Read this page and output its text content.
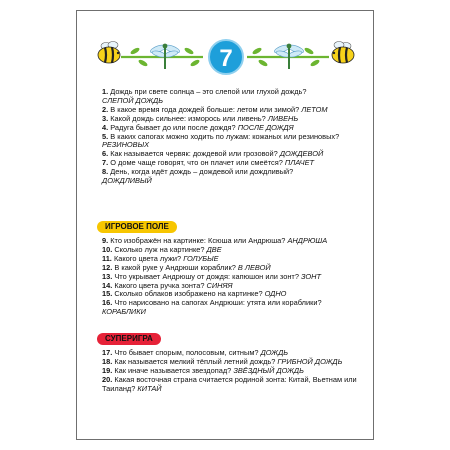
7
1. Дождь при свете солнца – это слепой или глухой дождь?
СЛЕПОЙ ДОЖДЬ
2. В какое время года дождей больше: летом или зимой? ЛЕТОМ
3. Какой дождь сильнее: изморось или ливень? ЛИВЕНЬ
4. Радуга бывает до или после дождя? ПОСЛЕ ДОЖДЯ
5. В каких сапогах можно ходить по лужам: кожаных или резиновых? РЕЗИНОВЫХ
6. Как называется червяк: дождевой или грозовой? ДОЖДЕВОЙ
7. О доме чаще говорят, что он плачет или смеётся? ПЛАЧЕТ
8. День, когда идёт дождь – дождевой или дождливый?
ДОЖДЛИВЫЙ
ИГРОВОЕ ПОЛЕ
9. Кто изображён на картинке: Ксюша или Андрюша? АНДРЮША
10. Сколько луж на картинке? ДВЕ
11. Какого цвета лужи? ГОЛУБЫЕ
12. В какой руке у Андрюши кораблик? В ЛЕВОЙ
13. Что укрывает Андрюшу от дождя: капюшон или зонт? ЗОНТ
14. Какого цвета ручка зонта? СИНЯЯ
15. Сколько облаков изображено на картинке? ОДНО
16. Что нарисовано на сапогах Андрюши: утята или кораблики?
КОРАБЛИКИ
СУПЕРИГРА
17. Что бывает спорым, полосовым, ситным? ДОЖДЬ
18. Как называется мелкий тёплый летний дождь? ГРИБНОЙ ДОЖДЬ
19. Как иначе называется звездопад? ЗВЁЗДНЫЙ ДОЖДЬ
20. Какая восточная страна считается родиной зонта: Китай, Вьетнам или Таиланд? КИТАЙ
